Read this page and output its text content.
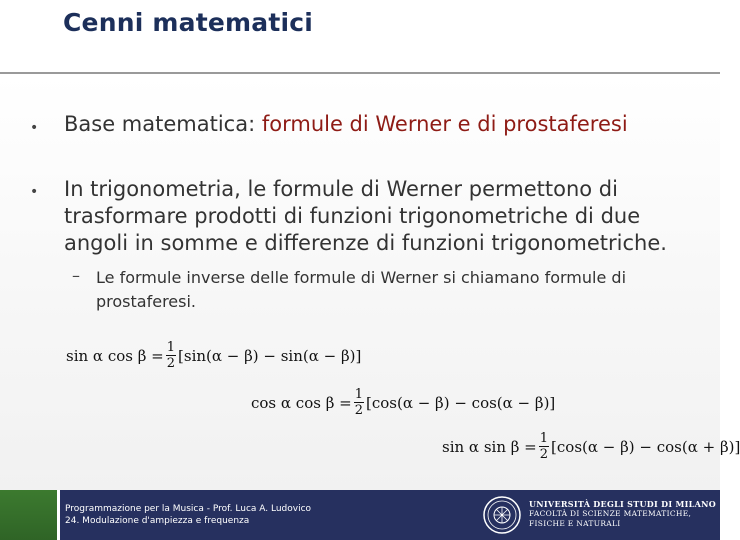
Cenni matematici
• Base matematica: formule di Werner e di prostaferesi
• In trigonometria, le formule di Werner permettono di trasformare prodotti di funzioni trigonometriche di due angoli in somme e differenze di funzioni trigonometriche.
– Le formule inverse delle formule di Werner si chiamano formule di prostaferesi.
sin α $\cos \beta = \frac{1}{2} [\sin(\alpha - \beta) - \sin(\alpha - \beta)]$
cos α $\cos \beta = \frac{1}{2} [\cos(\alpha - \beta) - \cos(\alpha - \beta)]$
sin α $\sin \beta = \frac{1}{2} [\cos(\alpha - \beta) - \cos(\alpha + \beta)]$
Programmazione per la Musica - Prof. Luca A. Ludovico
24. Modulazione d'ampiezza e frequenza
UNIVERSITÀ DEGLI STUDI DI MILANO
FACOLTÀ DI SCIENZE MATEMATICHE,
FISICHE E NATURALI
